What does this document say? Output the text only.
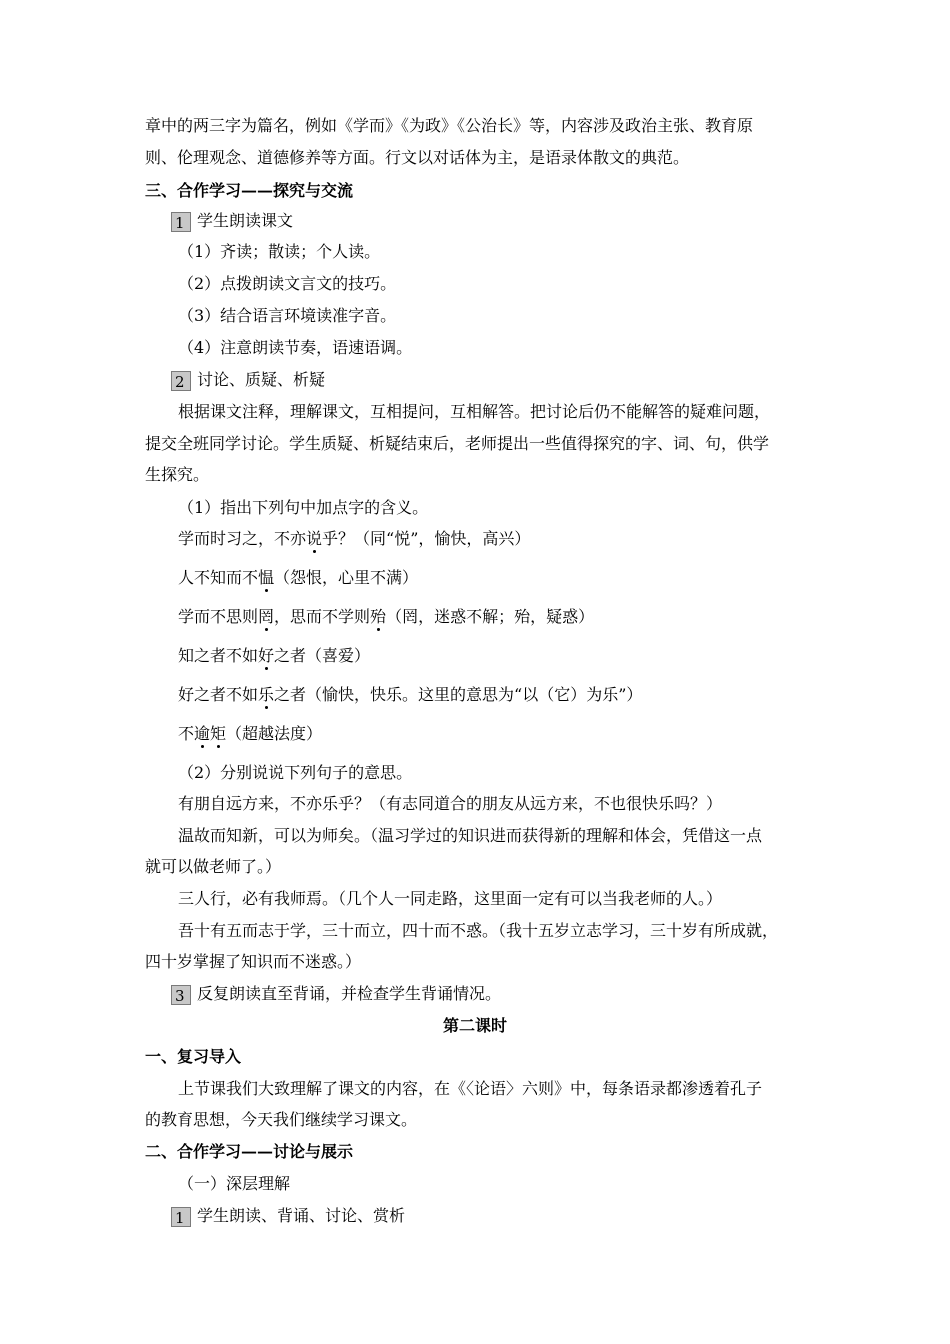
章中的两三字为篇名，例如《学而》《为政》《公治长》等，内容涉及政治主张、教育原
则、伦理观念、道德修养等方面。行文以对话体为主，是语录体散文的典范。
三、合作学习——探究与交流
1 学生朗读课文
（1）齐读；散读；个人读。
（2）点拨朗读文言文的技巧。
（3）结合语言环境读准字音。
（4）注意朗读节奏，语速语调。
2 讨论、质疑、析疑
根据课文注释，理解课文，互相提问，互相解答。把讨论后仍不能解答的疑难问题，
提交全班同学讨论。学生质疑、析疑结束后，老师提出一些值得探究的字、词、句，供学
生探究。
（1）指出下列句中加点字的含义。
学而时习之，不亦说乎？（同“悦”，愉快，高兴）
人不知而不愠（怨恨，心里不满）
学而不思则罔，思而不学则殆（罔，迷惑不解；殆，疑惑）
知之者不如好之者（喜爱）
好之者不如乐之者（愉快，快乐。这里的意思为“以（它）为乐”）
不逾矩（超越法度）
（2）分别说说下列句子的意思。
有朋自远方来，不亦乐乎？（有志同道合的朋友从远方来，不也很快乐吗？）
温故而知新，可以为师矣。（温习学过的知识进而获得新的理解和体会，凭借这一点
就可以做老师了。）
三人行，必有我师焉。（几个人一同走路，这里面一定有可以当我老师的人。）
吾十有五而志于学，三十而立，四十而不惑。（我十五岁立志学习，三十岁有所成就，
四十岁掌握了知识而不迷惑。）
3 反复朗读直至背诵，并检查学生背诵情况。
第二课时
一、复习导入
上节课我们大致理解了课文的内容，在《〈论语〉六则》中，每条语录都渗透着孔子
的教育思想，今天我们继续学习课文。
二、合作学习——讨论与展示
（一）深层理解
1 学生朗读、背诵、讨论、赏析
